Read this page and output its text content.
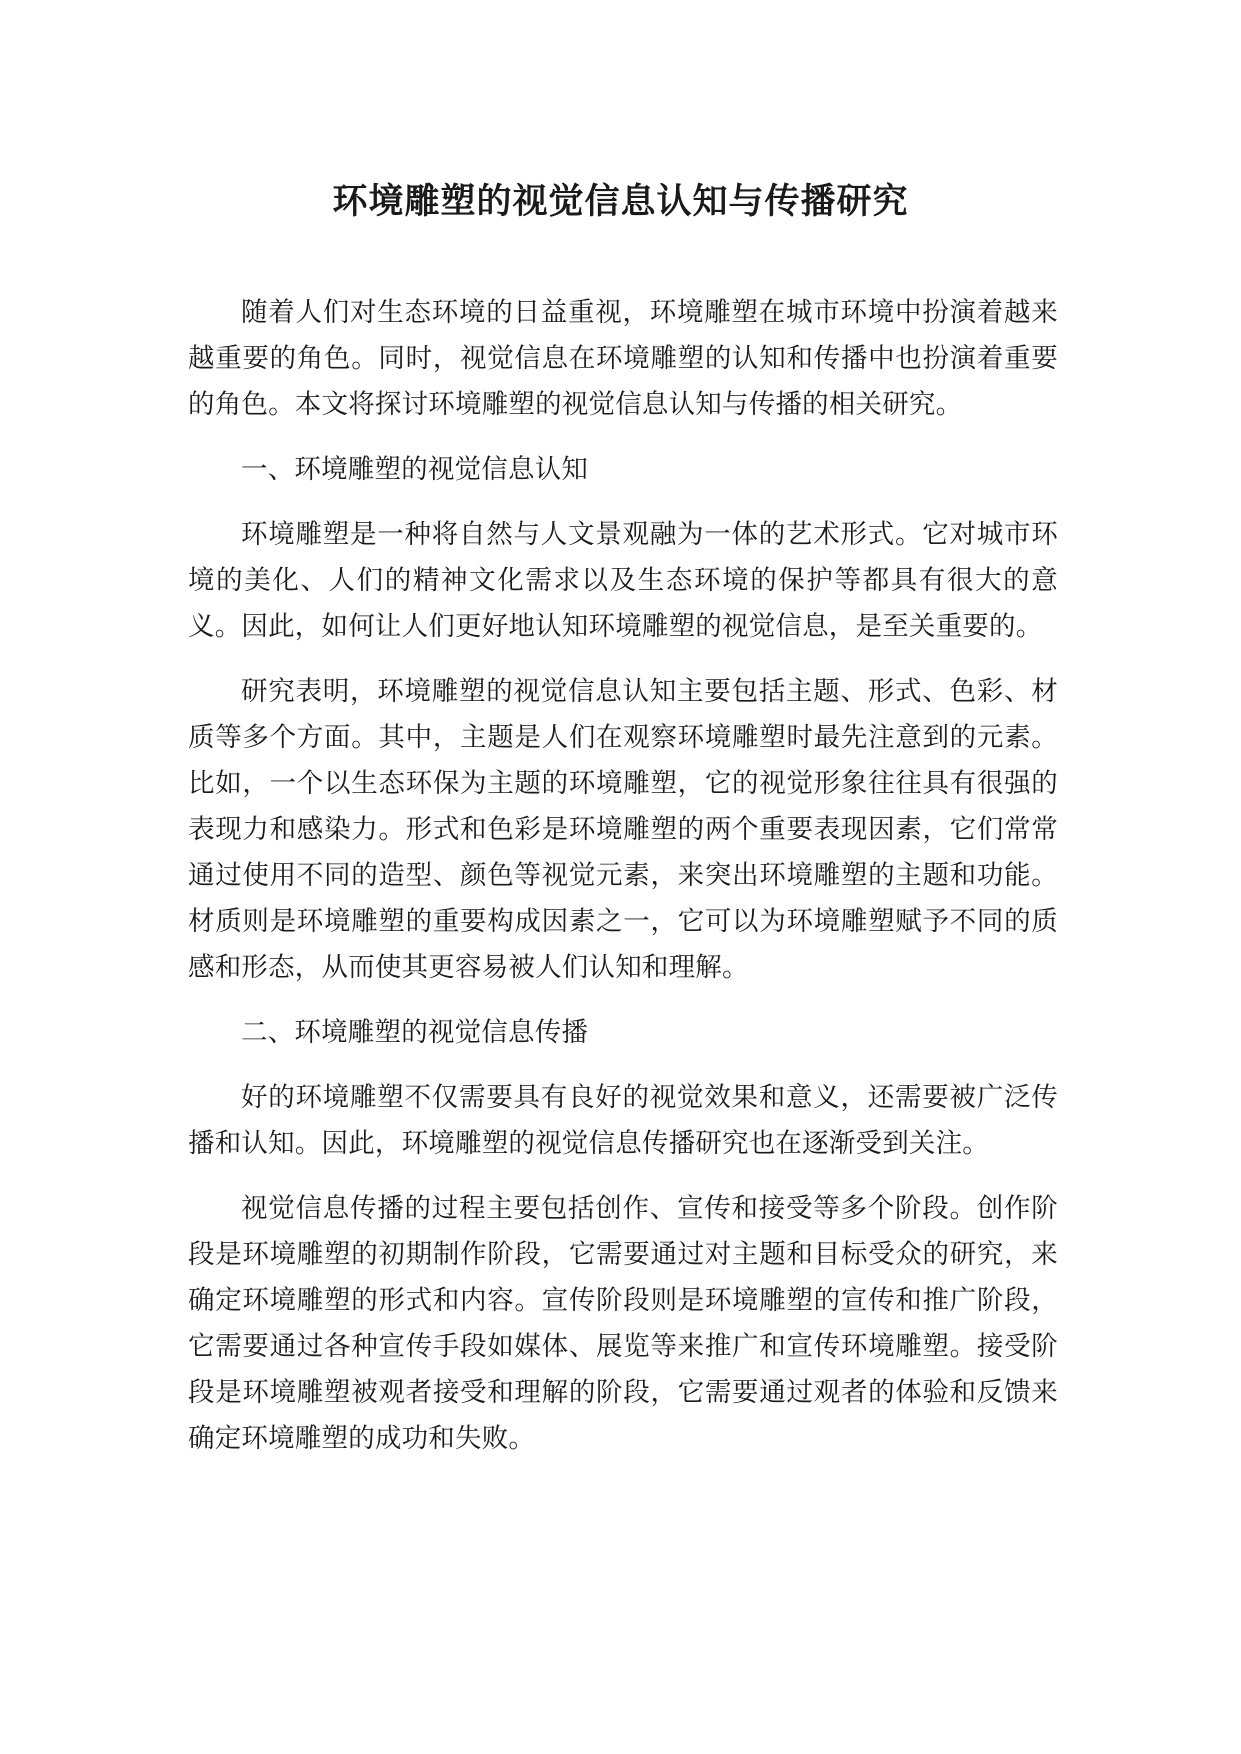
环境雕塑的视觉信息认知与传播研究

随着人们对生态环境的日益重视，环境雕塑在城市环境中扮演着越来越重要的角色。同时，视觉信息在环境雕塑的认知和传播中也扮演着重要的角色。本文将探讨环境雕塑的视觉信息认知与传播的相关研究。

一、环境雕塑的视觉信息认知

环境雕塑是一种将自然与人文景观融为一体的艺术形式。它对城市环境的美化、人们的精神文化需求以及生态环境的保护等都具有很大的意义。因此，如何让人们更好地认知环境雕塑的视觉信息，是至关重要的。

研究表明，环境雕塑的视觉信息认知主要包括主题、形式、色彩、材质等多个方面。其中，主题是人们在观察环境雕塑时最先注意到的元素。比如，一个以生态环保为主题的环境雕塑，它的视觉形象往往具有很强的表现力和感染力。形式和色彩是环境雕塑的两个重要表现因素，它们常常通过使用不同的造型、颜色等视觉元素，来突出环境雕塑的主题和功能。材质则是环境雕塑的重要构成因素之一，它可以为环境雕塑赋予不同的质感和形态，从而使其更容易被人们认知和理解。

二、环境雕塑的视觉信息传播

好的环境雕塑不仅需要具有良好的视觉效果和意义，还需要被广泛传播和认知。因此，环境雕塑的视觉信息传播研究也在逐渐受到关注。

视觉信息传播的过程主要包括创作、宣传和接受等多个阶段。创作阶段是环境雕塑的初期制作阶段，它需要通过对主题和目标受众的研究，来确定环境雕塑的形式和内容。宣传阶段则是环境雕塑的宣传和推广阶段，它需要通过各种宣传手段如媒体、展览等来推广和宣传环境雕塑。接受阶段是环境雕塑被观者接受和理解的阶段，它需要通过观者的体验和反馈来确定环境雕塑的成功和失败。
